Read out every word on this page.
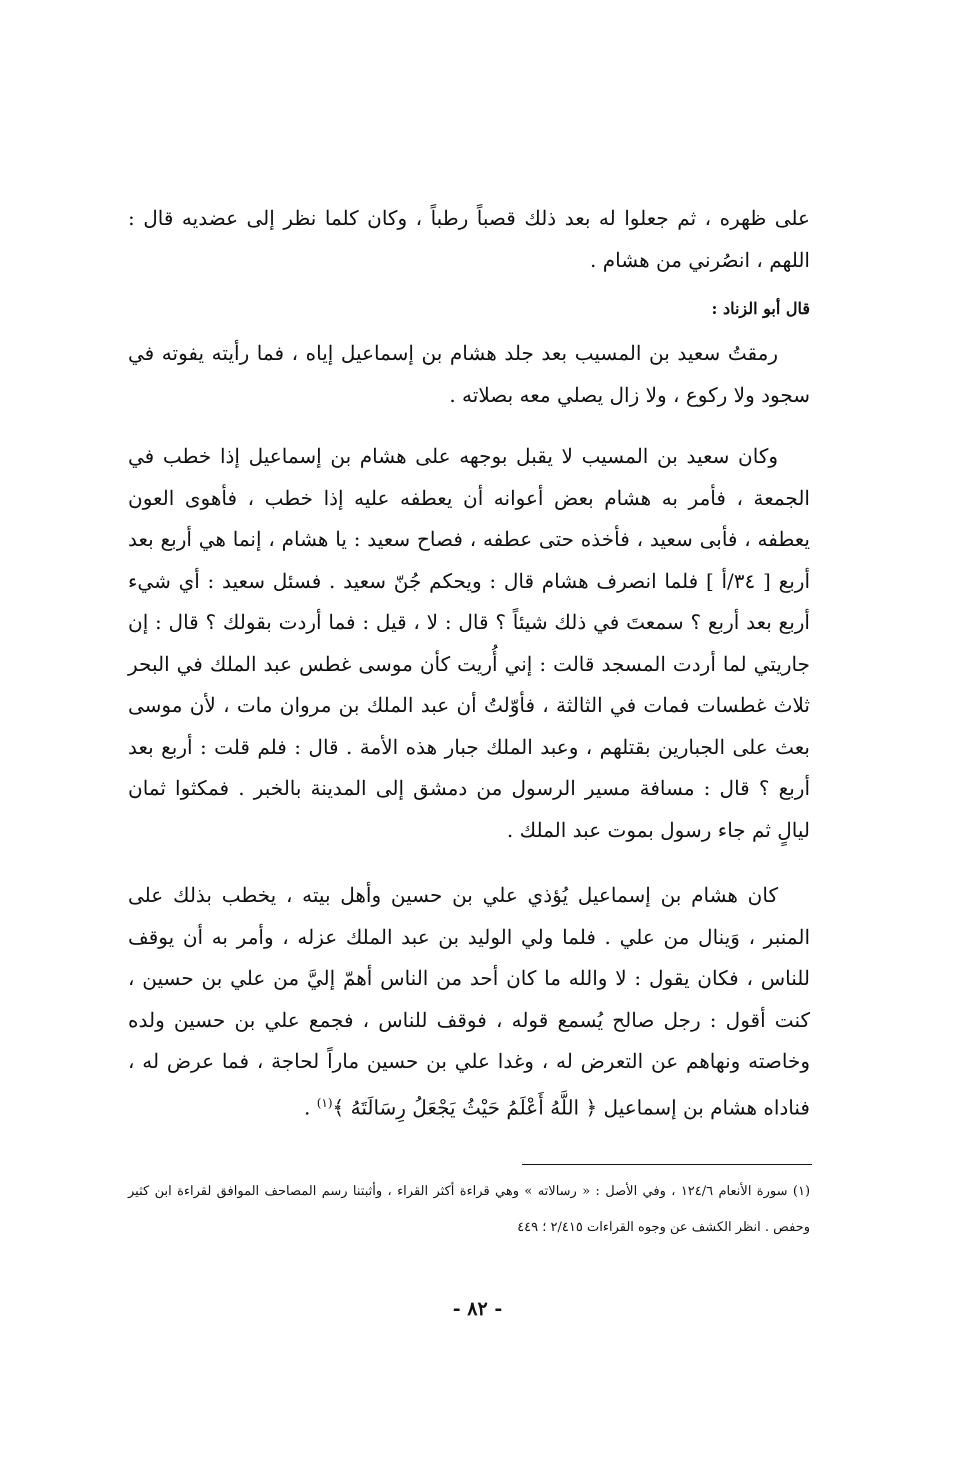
على ظهره ، ثم جعلوا له بعد ذلك قصباً رطباً ، وكان كلما نظر إلى عضديه قال : اللهم ، انصُرني من هشام .

قال أبو الزناد :

رمقتُ سعيد بن المسيب بعد جلد هشام بن إسماعيل إياه ، فما رأيته يفوته في سجود ولا ركوع ، ولا زال يصلي معه بصلاته .

وكان سعيد بن المسيب لا يقبل بوجهه على هشام بن إسماعيل إذا خطب في الجمعة ، فأمر به هشام بعض أعوانه أن يعطفه عليه إذا خطب ، فأهوى العون يعطفه ، فأبى سعيد ، فأخذه حتى عطفه ، فصاح سعيد : يا هشام ، إنما هي أربع بعد أربع [ ٣٤/أ ] فلما انصرف هشام قال : ويحكم جُنّ سعيد . فسئل سعيد : أي شيء أربع بعد أربع ؟ سمعتَ في ذلك شيئاً ؟ قال : لا ، قيل : فما أردت بقولك ؟ قال : إن جاريتي لما أردت المسجد قالت : إني أُريت كأن موسى غطس عبد الملك في البحر ثلاث غطسات فمات في الثالثة ، فأوّلتُ أن عبد الملك بن مروان مات ، لأن موسى بعث على الجبارين بقتلهم ، وعبد الملك جبار هذه الأمة . قال : فلم قلت : أربع بعد أربع ؟ قال : مسافة مسير الرسول من دمشق إلى المدينة بالخبر . فمكثوا ثمان ليالٍ ثم جاء رسول بموت عبد الملك .

كان هشام بن إسماعيل يُؤذي علي بن حسين وأهل بيته ، يخطب بذلك على المنبر ، وَينال من علي . فلما ولي الوليد بن عبد الملك عزله ، وأمر به أن يوقف للناس ، فكان يقول : لا والله ما كان أحد من الناس أهمّ إليَّ من علي بن حسين ، كنت أقول : رجل صالح يُسمع قوله ، فوقف للناس ، فجمع علي بن حسين ولده وخاصته ونهاهم عن التعرض له ، وغدا علي بن حسين ماراً لحاجة ، فما عرض له ، فناداه هشام بن إسماعيل ﴿ اللَّهُ أَعْلَمُ حَيْثُ يَجْعَلُ رِسَالَتَهُ ﴾$^{(١)}$ .

(١) سورة الأنعام ١٢٤/٦ ، وفي الأصل : « رسالاته » وهي قراءة أكثر القراء ، وأثبتنا رسم المصاحف الموافق لقراءة ابن كثير وحفص . انظر الكشف عن وجوه القراءات ٢/٤١٥ ؛ ٤٤٩

- ٨٢ -
